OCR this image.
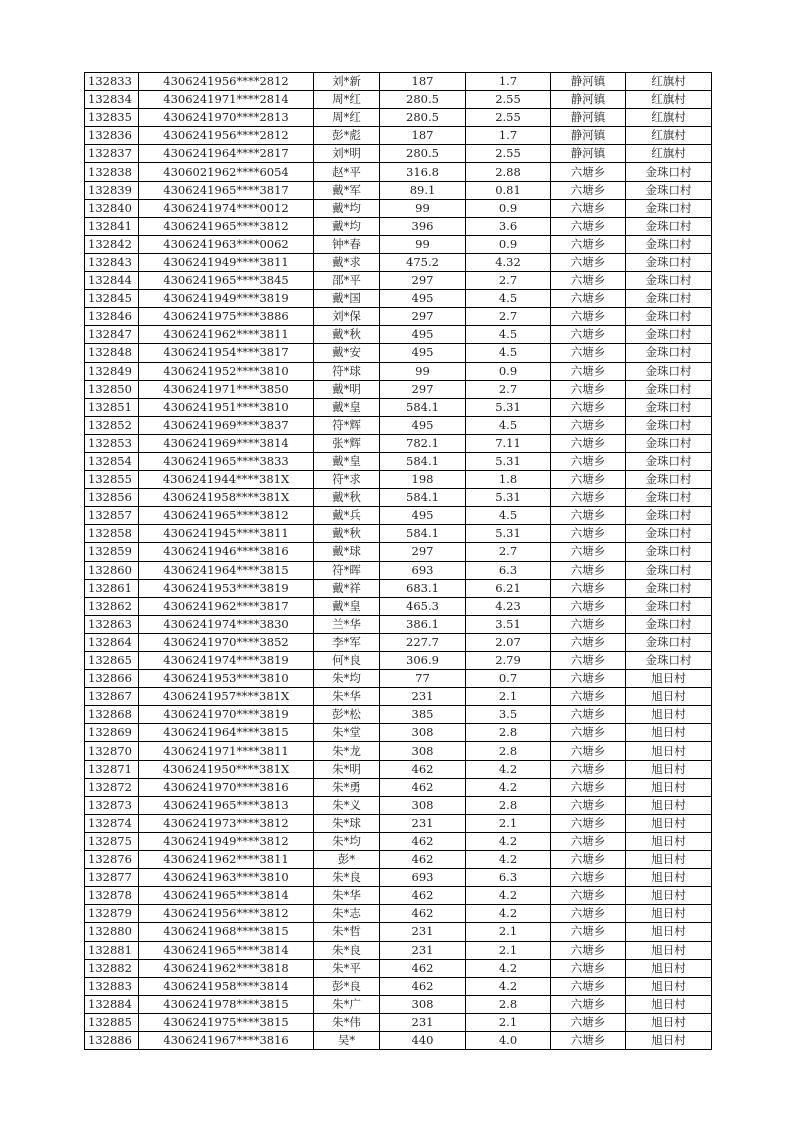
132833	4306241956****2812	刘*新	187	1.7	静河镇	红旗村
132834	4306241971****2814	周*红	280.5	2.55	静河镇	红旗村
132835	4306241970****2813	周*红	280.5	2.55	静河镇	红旗村
132836	4306241956****2812	彭*彪	187	1.7	静河镇	红旗村
132837	4306241964****2817	刘*明	280.5	2.55	静河镇	红旗村
132838	4306021962****6054	赵*平	316.8	2.88	六塘乡	金珠口村
132839	4306241965****3817	戴*军	89.1	0.81	六塘乡	金珠口村
132840	4306241974****0012	戴*均	99	0.9	六塘乡	金珠口村
132841	4306241965****3812	戴*均	396	3.6	六塘乡	金珠口村
132842	4306241963****0062	钟*春	99	0.9	六塘乡	金珠口村
132843	4306241949****3811	戴*求	475.2	4.32	六塘乡	金珠口村
132844	4306241965****3845	邵*平	297	2.7	六塘乡	金珠口村
132845	4306241949****3819	戴*国	495	4.5	六塘乡	金珠口村
132846	4306241975****3886	刘*保	297	2.7	六塘乡	金珠口村
132847	4306241962****3811	戴*秋	495	4.5	六塘乡	金珠口村
132848	4306241954****3817	戴*安	495	4.5	六塘乡	金珠口村
132849	4306241952****3810	符*球	99	0.9	六塘乡	金珠口村
132850	4306241971****3850	戴*明	297	2.7	六塘乡	金珠口村
132851	4306241951****3810	戴*皇	584.1	5.31	六塘乡	金珠口村
132852	4306241969****3837	符*辉	495	4.5	六塘乡	金珠口村
132853	4306241969****3814	张*辉	782.1	7.11	六塘乡	金珠口村
132854	4306241965****3833	戴*皇	584.1	5.31	六塘乡	金珠口村
132855	4306241944****381X	符*求	198	1.8	六塘乡	金珠口村
132856	4306241958****381X	戴*秋	584.1	5.31	六塘乡	金珠口村
132857	4306241965****3812	戴*兵	495	4.5	六塘乡	金珠口村
132858	4306241945****3811	戴*秋	584.1	5.31	六塘乡	金珠口村
132859	4306241946****3816	戴*球	297	2.7	六塘乡	金珠口村
132860	4306241964****3815	符*晖	693	6.3	六塘乡	金珠口村
132861	4306241953****3819	戴*祥	683.1	6.21	六塘乡	金珠口村
132862	4306241962****3817	戴*皇	465.3	4.23	六塘乡	金珠口村
132863	4306241974****3830	兰*华	386.1	3.51	六塘乡	金珠口村
132864	4306241970****3852	李*军	227.7	2.07	六塘乡	金珠口村
132865	4306241974****3819	何*良	306.9	2.79	六塘乡	金珠口村
132866	4306241953****3810	朱*均	77	0.7	六塘乡	旭日村
132867	4306241957****381X	朱*华	231	2.1	六塘乡	旭日村
132868	4306241970****3819	彭*松	385	3.5	六塘乡	旭日村
132869	4306241964****3815	朱*堂	308	2.8	六塘乡	旭日村
132870	4306241971****3811	朱*龙	308	2.8	六塘乡	旭日村
132871	4306241950****381X	朱*明	462	4.2	六塘乡	旭日村
132872	4306241970****3816	朱*勇	462	4.2	六塘乡	旭日村
132873	4306241965****3813	朱*义	308	2.8	六塘乡	旭日村
132874	4306241973****3812	朱*球	231	2.1	六塘乡	旭日村
132875	4306241949****3812	朱*均	462	4.2	六塘乡	旭日村
132876	4306241962****3811	彭*	462	4.2	六塘乡	旭日村
132877	4306241963****3810	朱*良	693	6.3	六塘乡	旭日村
132878	4306241965****3814	朱*华	462	4.2	六塘乡	旭日村
132879	4306241956****3812	朱*志	462	4.2	六塘乡	旭日村
132880	4306241968****3815	朱*哲	231	2.1	六塘乡	旭日村
132881	4306241965****3814	朱*良	231	2.1	六塘乡	旭日村
132882	4306241962****3818	朱*平	462	4.2	六塘乡	旭日村
132883	4306241958****3814	彭*良	462	4.2	六塘乡	旭日村
132884	4306241978****3815	朱*广	308	2.8	六塘乡	旭日村
132885	4306241975****3815	朱*伟	231	2.1	六塘乡	旭日村
132886	4306241967****3816	吴*	440	4.0	六塘乡	旭日村
